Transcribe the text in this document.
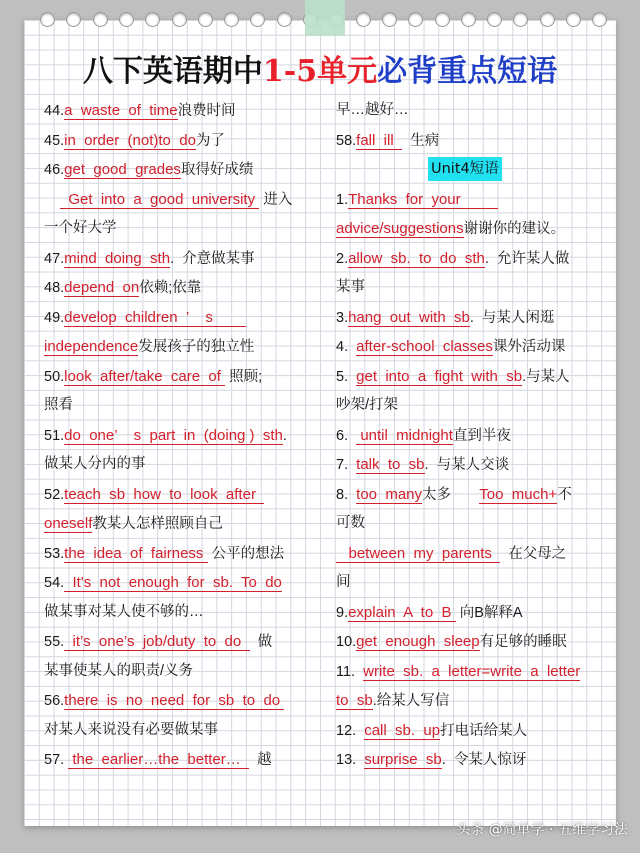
八下英语期中1-5单元必背重点短语
44.a  waste  of  time浪费时间
45.in  order  (not)to  do为了
46.get  good  grades取得好成绩
Get  into  a  good  university  进入
一个好大学
47.mind  doing  sth.  介意做某事
48.depend  on依赖;依靠
49.develop  children  ’    s
independence发展孩子的独立性
50.look  after/take  care  of  照顾;
照看
51.do  one’    s  part  in  (doing )  sth.
做某人分内的事
52.teach  sb  how  to  look  after
oneself教某人怎样照顾自己
53.the  idea  of  fairness  公平的想法
54.  It's  not  enough  for  sb.  To  do
做某事对某人使不够的…
55.  it’s  one’s  job/duty  to  do    做
某事使某人的职责/义务
56.there  is  no  need  for  sb  to  do
对某人来说没有必要做某事
57.  the  earlier…the  better…    越
早…越好…
58.fall  ill    生病
Unit4短语
1.Thanks  for  your
advice/suggestions谢谢你的建议。
2.allow  sb.  to  do  sth.  允许某人做
某事
3.hang  out  with  sb.  与某人闲逛
4.  after-school  classes课外活动课
5.  get  into  a  fight  with  sb.与某人
吵架/打架
6.   until  midnight直到半夜
7.  talk  to  sb.  与某人交谈
8.  too  many太多       Too  much+不
可数
between  my  parents    在父母之
间
9.explain  A  to  B  向B解释A
10.get  enough  sleep有足够的睡眠
11.  write  sb.  a  letter=write  a  letter
to  sb.给某人写信
12.  call  sb.  up打电话给某人
13.  surprise  sb.  令某人惊讶
头条 @简单学 · 五维学习法
